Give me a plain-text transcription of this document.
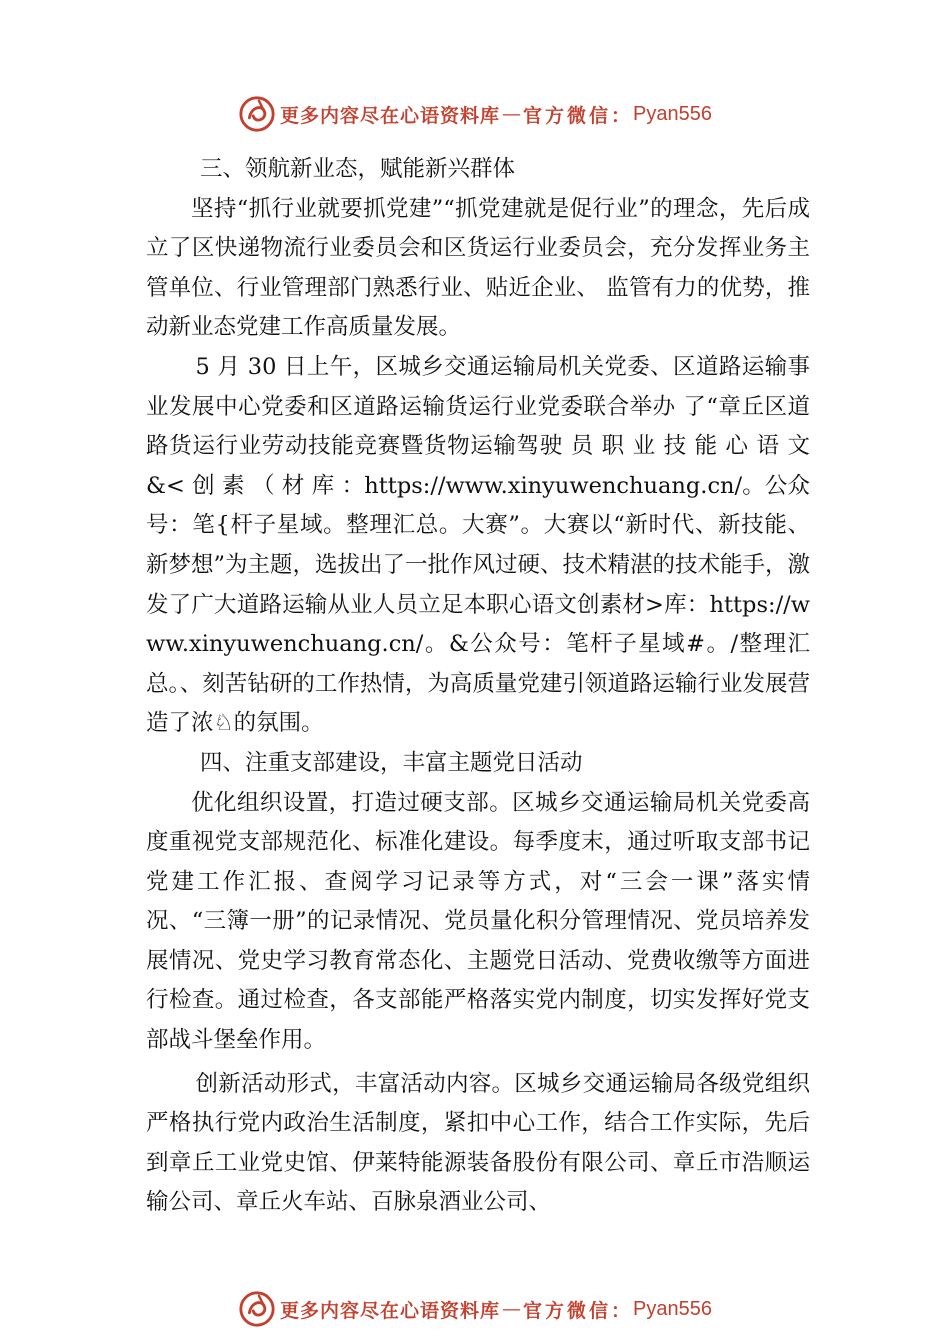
更多内容尽在心语资料库 — 官方微信： Pyan556

三、领航新业态，赋能新兴群体

坚持“抓行业就要抓党建”“抓党建就是促行业”的理念，先后成立了区快递物流行业委员会和区货运行业委员会，充分发挥业务主管单位、行业管理部门熟悉行业、贴近企业、 监管有力的优势，推动新业态党建工作高质量发展。

5 月 30 日上午，区城乡交通运输局机关党委、区道路运输事业发展中心党委和区道路运输货运行业党委联合举办 了“章丘区道路货运行业劳动技能竞赛暨货物运输驾驶 员 职 业 技 能 心 语 文 &< 创 素 （ 材 库 ：https://www.xinyuwenchuang.cn/。公众号：笔{杆子星域。整理汇总。大赛”。大赛以“新时代、新技能、新梦想”为主题，选拔出了一批作风过硬、技术精湛的技术能手，激发了广大道路运输从业人员立足本职心语文创素材>库：https://www.xinyuwenchuang.cn/。&公众号：笔杆子星域#。/整理汇总。、刻苦钻研的工作热情，为高质量党建引领道路运输行业发展营造了浓♘的氛围。

四、注重支部建设，丰富主题党日活动

优化组织设置，打造过硬支部。区城乡交通运输局机关党委高度重视党支部规范化、标准化建设。每季度末，通过听取支部书记党建工作汇报、查阅学习记录等方式，对“三会一课”落实情况、“三簿一册”的记录情况、党员量化积分管理情况、党员培养发展情况、党史学习教育常态化、主题党日活动、党费收缴等方面进行检查。通过检查，各支部能严格落实党内制度，切实发挥好党支部战斗堡垒作用。

创新活动形式，丰富活动内容。区城乡交通运输局各级党组织严格执行党内政治生活制度，紧扣中心工作，结合工作实际，先后到章丘工业党史馆、伊莱特能源装备股份有限公司、章丘市浩顺运输公司、章丘火车站、百脉泉酒业公司、

更多内容尽在心语资料库 — 官方微信： Pyan556
